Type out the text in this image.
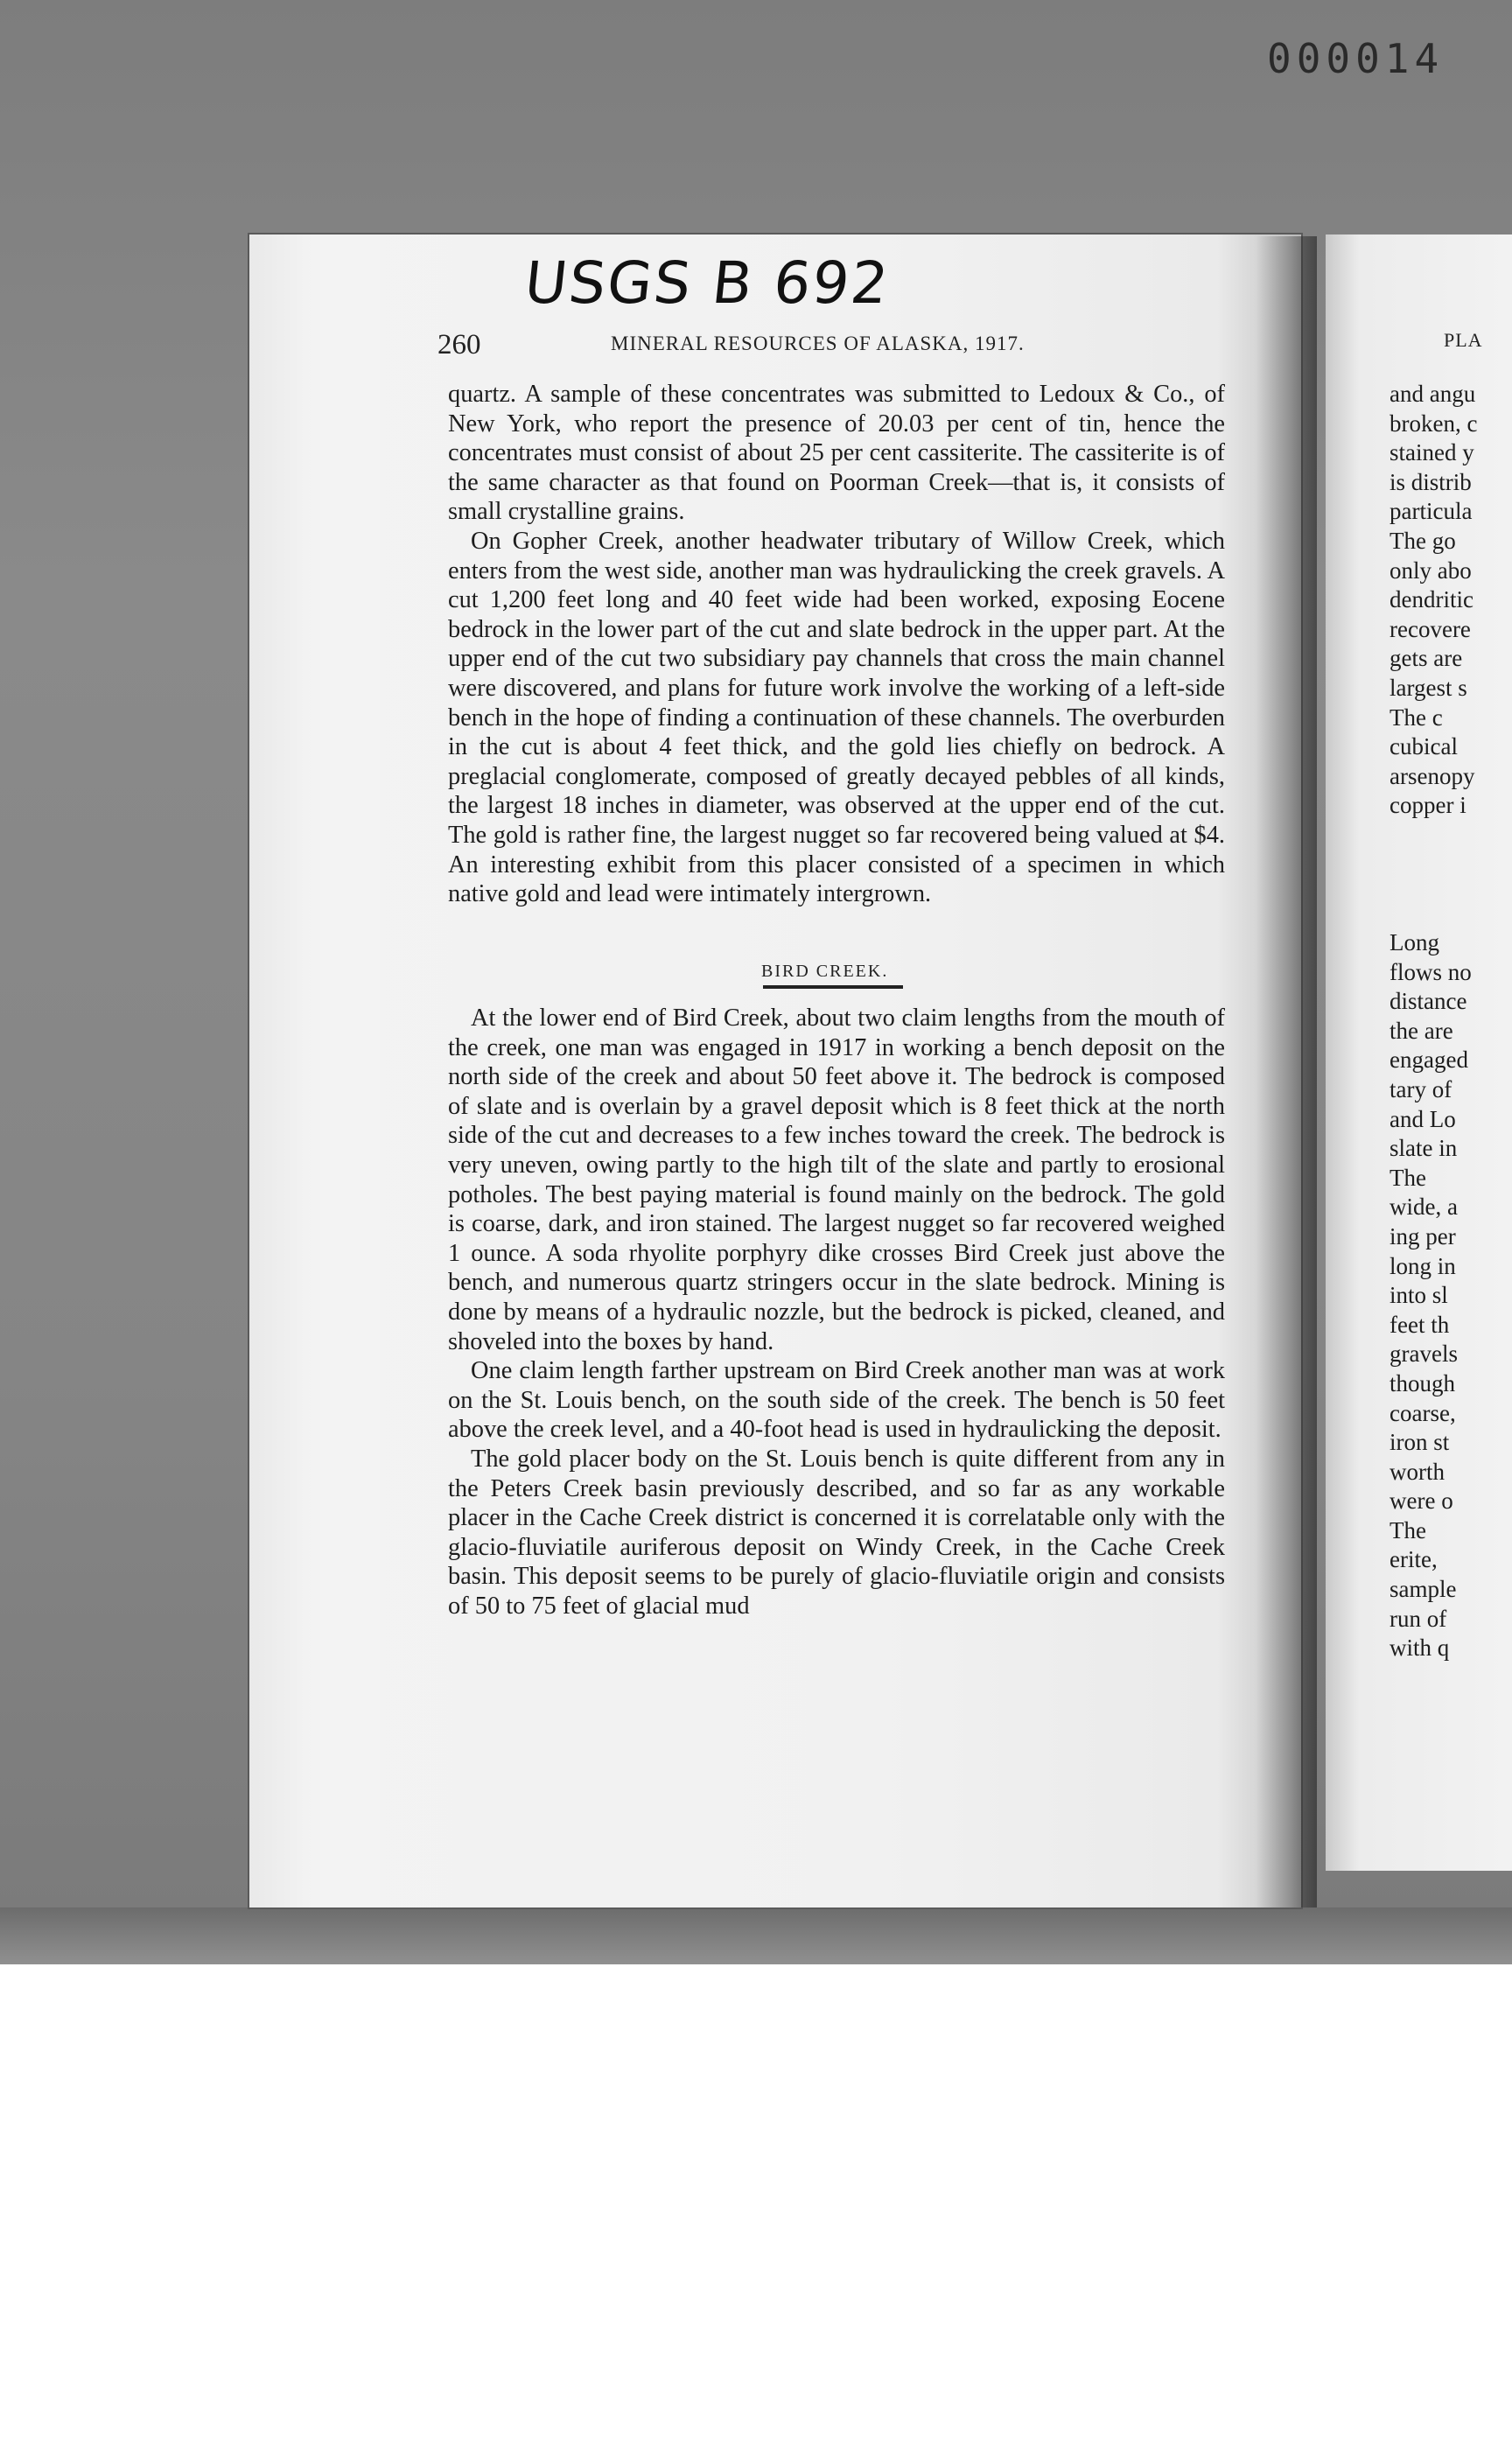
000014
PLA
and angu
broken, c
stained y
is distrib
particula
The go
only abo
dendritic
recovere
gets are
largest s
The c
cubical
arsenopy
copper i
Long
flows no
distance
the are
engaged
tary of
and Lo
slate in
The
wide, a
ing per
long in
into sl
feet th
gravels
though
coarse,
iron st
worth
were o
The
erite,
sample
run of
with q
USGS B 692
260	MINERAL RESOURCES OF ALASKA, 1917.

quartz. A sample of these concentrates was submitted to Ledoux & Co., of New York, who report the presence of 20.03 per cent of tin, hence the concentrates must consist of about 25 per cent cassiterite. The cassiterite is of the same character as that found on Poorman Creek—that is, it consists of small crystalline grains.

On Gopher Creek, another headwater tributary of Willow Creek, which enters from the west side, another man was hydraulicking the creek gravels. A cut 1,200 feet long and 40 feet wide had been worked, exposing Eocene bedrock in the lower part of the cut and slate bedrock in the upper part. At the upper end of the cut two subsidiary pay channels that cross the main channel were discovered, and plans for future work involve the working of a left-side bench in the hope of finding a continuation of these channels. The overburden in the cut is about 4 feet thick, and the gold lies chiefly on bedrock. A preglacial conglomerate, composed of greatly decayed pebbles of all kinds, the largest 18 inches in diameter, was observed at the upper end of the cut. The gold is rather fine, the largest nugget so far recovered being valued at $4. An interesting exhibit from this placer consisted of a specimen in which native gold and lead were intimately intergrown.

BIRD CREEK.

At the lower end of Bird Creek, about two claim lengths from the mouth of the creek, one man was engaged in 1917 in working a bench deposit on the north side of the creek and about 50 feet above it. The bedrock is composed of slate and is overlain by a gravel deposit which is 8 feet thick at the north side of the cut and decreases to a few inches toward the creek. The bedrock is very uneven, owing partly to the high tilt of the slate and partly to erosional potholes. The best paying material is found mainly on the bedrock. The gold is coarse, dark, and iron stained. The largest nugget so far recovered weighed 1 ounce. A soda rhyolite porphyry dike crosses Bird Creek just above the bench, and numerous quartz stringers occur in the slate bedrock. Mining is done by means of a hydraulic nozzle, but the bedrock is picked, cleaned, and shoveled into the boxes by hand.

One claim length farther upstream on Bird Creek another man was at work on the St. Louis bench, on the south side of the creek. The bench is 50 feet above the creek level, and a 40-foot head is used in hydraulicking the deposit.

The gold placer body on the St. Louis bench is quite different from any in the Peters Creek basin previously described, and so far as any workable placer in the Cache Creek district is concerned it is correlatable only with the glacio-fluviatile auriferous deposit on Windy Creek, in the Cache Creek basin. This deposit seems to be purely of glacio-fluviatile origin and consists of 50 to 75 feet of glacial mud
